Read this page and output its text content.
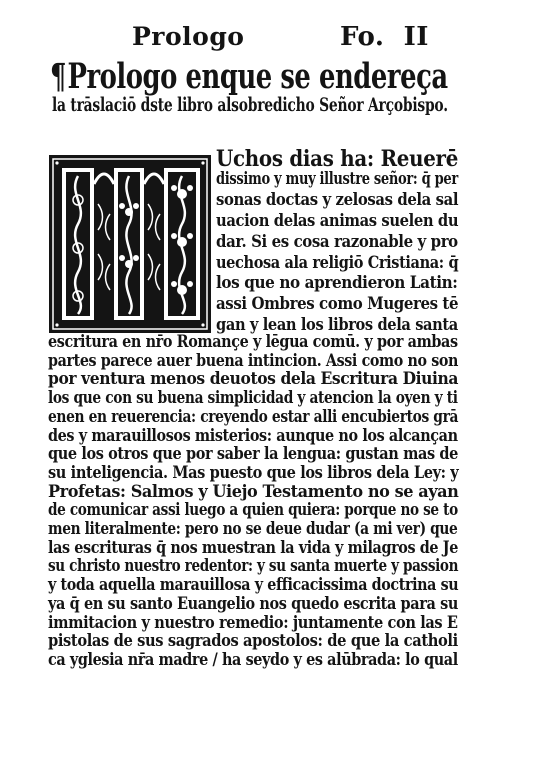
Prologo	Fo.  II
¶Prologo enque se endereça
la trāslaciō dste libro alsobredicho Señor Arçobispo.
Uchos dias ha: Reuerē
dissimo y muy illustre señor: q̄ per
sonas doctas y zelosas dela sal
uacion delas animas suelen du
dar. Si es cosa razonable y pro
uechosa ala religiō Cristiana: q̄
los que no aprendieron Latin:
assi Ombres como Mugeres tē
gan y lean los libros dela santa
escritura en nr̄o Romançe y lēgua comū. y por ambas
partes parece auer buena intincion. Assi como no son
por ventura menos deuotos dela Escritura Diuina
los que con su buena simplicidad y atencion la oyen y ti
enen en reuerencia: creyendo estar alli encubiertos grā
des y marauillosos misterios: aunque no los alcançan
que los otros que por saber la lengua: gustan mas de
su inteligencia. Mas puesto que los libros dela Ley: y
Profetas: Salmos y Uiejo Testamento no se ayan
de comunicar assi luego a quien quiera: porque no se to
men literalmente: pero no se deue dudar (a mi ver) que
las escrituras q̄ nos muestran la vida y milagros de Je
su christo nuestro redentor: y su santa muerte y passion
y toda aquella marauillosa y efficacissima doctrina su
ya q̄ en su santo Euangelio nos quedo escrita para su
immitacion y nuestro remedio: juntamente con las E
pistolas de sus sagrados apostolos: de que la catholi
ca yglesia nr̄a madre / ha seydo y es alūbrada: lo qual
